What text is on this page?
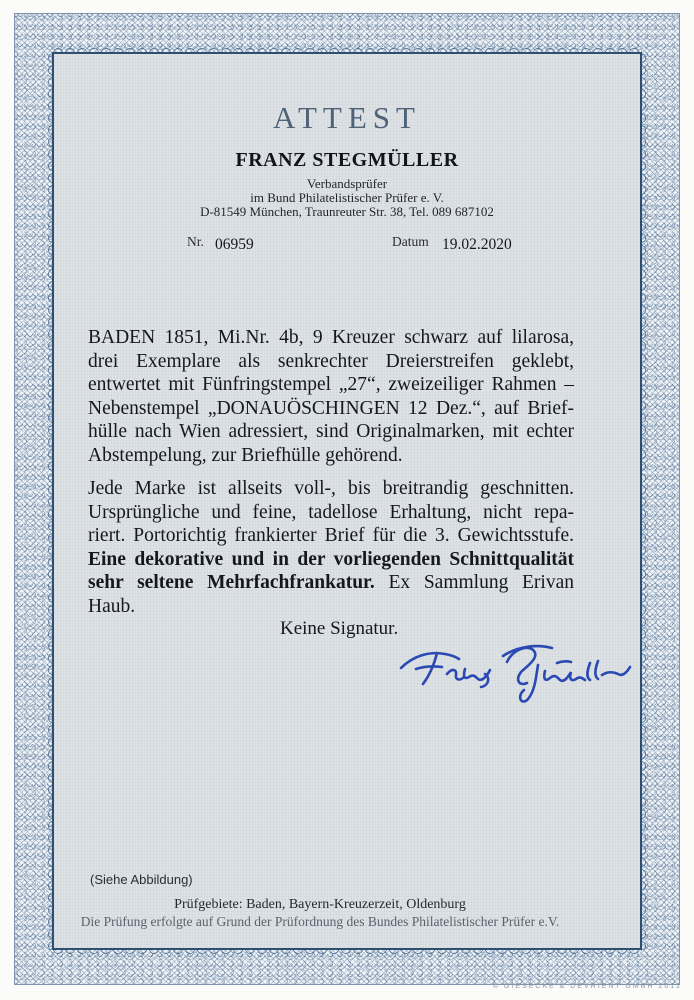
ATTEST
FRANZ STEGMÜLLER
Verbandsprüfer
im Bund Philatelistischer Prüfer e. V.
D-81549 München, Traunreuter Str. 38, Tel. 089 687102
Nr. 06959	Datum 19.02.2020
BADEN 1851, Mi.Nr. 4b, 9 Kreuzer schwarz auf lilarosa,
drei Exemplare als senkrechter Dreierstreifen geklebt,
entwertet mit Fünfringstempel „27“, zweizeiliger Rahmen –
Nebenstempel „DONAUÖSCHINGEN 12 Dez.“, auf Brief-
hülle nach Wien adressiert, sind Originalmarken, mit echter
Abstempelung, zur Briefhülle gehörend.
Jede Marke ist allseits voll-, bis breitrandig geschnitten.
Ursprüngliche und feine, tadellose Erhaltung, nicht repa-
riert. Portorichtig frankierter Brief für die 3. Gewichtsstufe.
Eine dekorative und in der vorliegenden Schnittqualität
sehr seltene Mehrfachfrankatur. Ex Sammlung Erivan
Haub.
Keine Signatur.
(Siehe Abbildung)
Prüfgebiete: Baden, Bayern-Kreuzerzeit, Oldenburg
Die Prüfung erfolgte auf Grund der Prüfordnung des Bundes Philatelistischer Prüfer e.V.
© GIESECKE & DEVRIENT GMBH 2012
